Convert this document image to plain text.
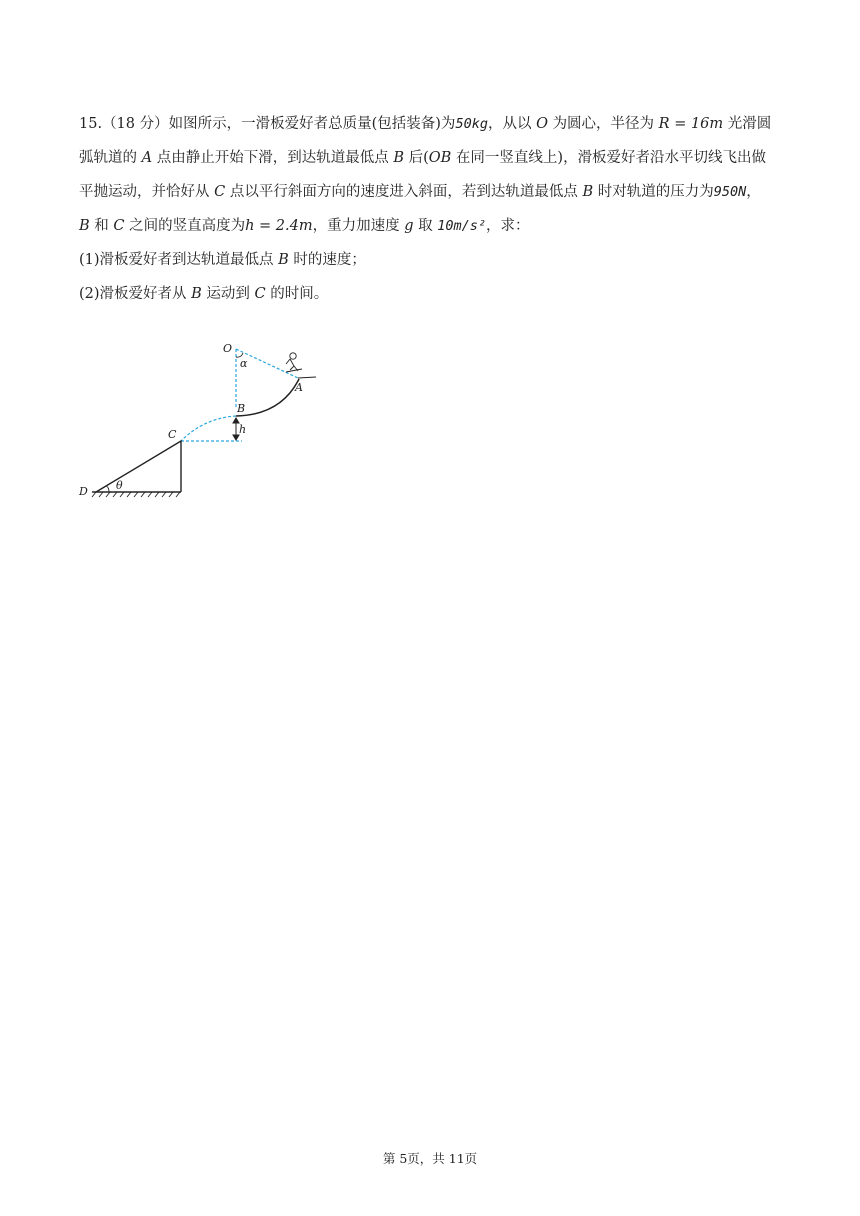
15.（18 分）如图所示，一滑板爱好者总质量(包括装备)为50kg，从以 O 为圆心，半径为 R = 16m 光滑圆
弧轨道的 A 点由静止开始下滑，到达轨道最低点 B 后(OB 在同一竖直线上)，滑板爱好者沿水平切线飞出做
平抛运动，并恰好从 C 点以平行斜面方向的速度进入斜面，若到达轨道最低点 B 时对轨道的压力为950N，
B 和 C 之间的竖直高度为h = 2.4m，重力加速度 g 取 10m/s²，求：
(1)滑板爱好者到达轨道最低点 B 时的速度；
(2)滑板爱好者从 B 运动到 C 的时间。
O
α
A
B
C	h
D	θ
第 5页，共 11页
